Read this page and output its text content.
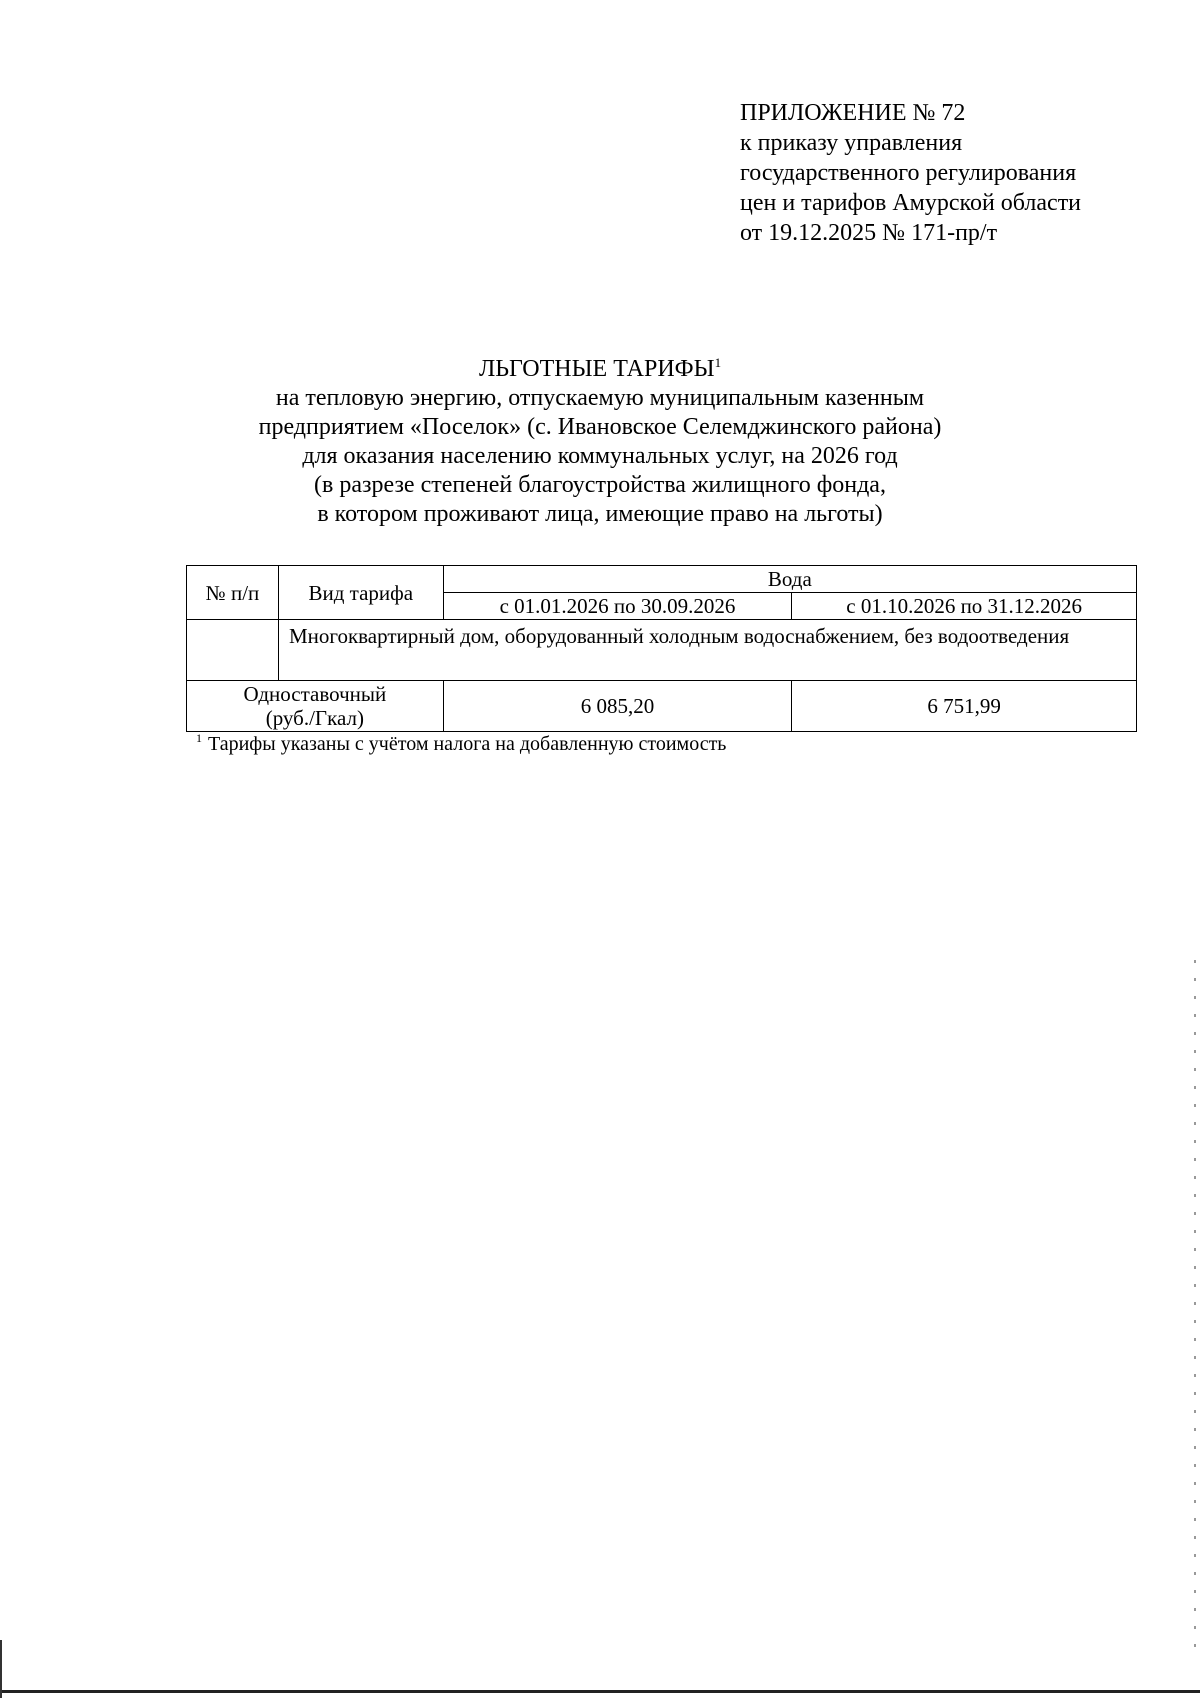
ПРИЛОЖЕНИЕ № 72
к приказу управления
государственного регулирования
цен и тарифов Амурской области
от 19.12.2025 № 171-пр/т
ЛЬГОТНЫЕ ТАРИФЫ$^1$
на тепловую энергию, отпускаемую муниципальным казенным
предприятием «Поселок» (с. Ивановское Селемджинского района)
для оказания населению коммунальных услуг, на 2026 год
(в разрезе степеней благоустройства жилищного фонда,
в котором проживают лица, имеющие право на льготы)
№ п/п	Вид тарифа	Вода	
		с 01.01.2026 по 30.09.2026	с 01.10.2026 по 31.12.2026
	Многоквартирный дом, оборудованный холодным водоснабжением, без водоотведения		

Одноставочный
(руб./Гкал)		6 085,20	6 751,99
$^1$ Тарифы указаны с учётом налога на добавленную стоимость
